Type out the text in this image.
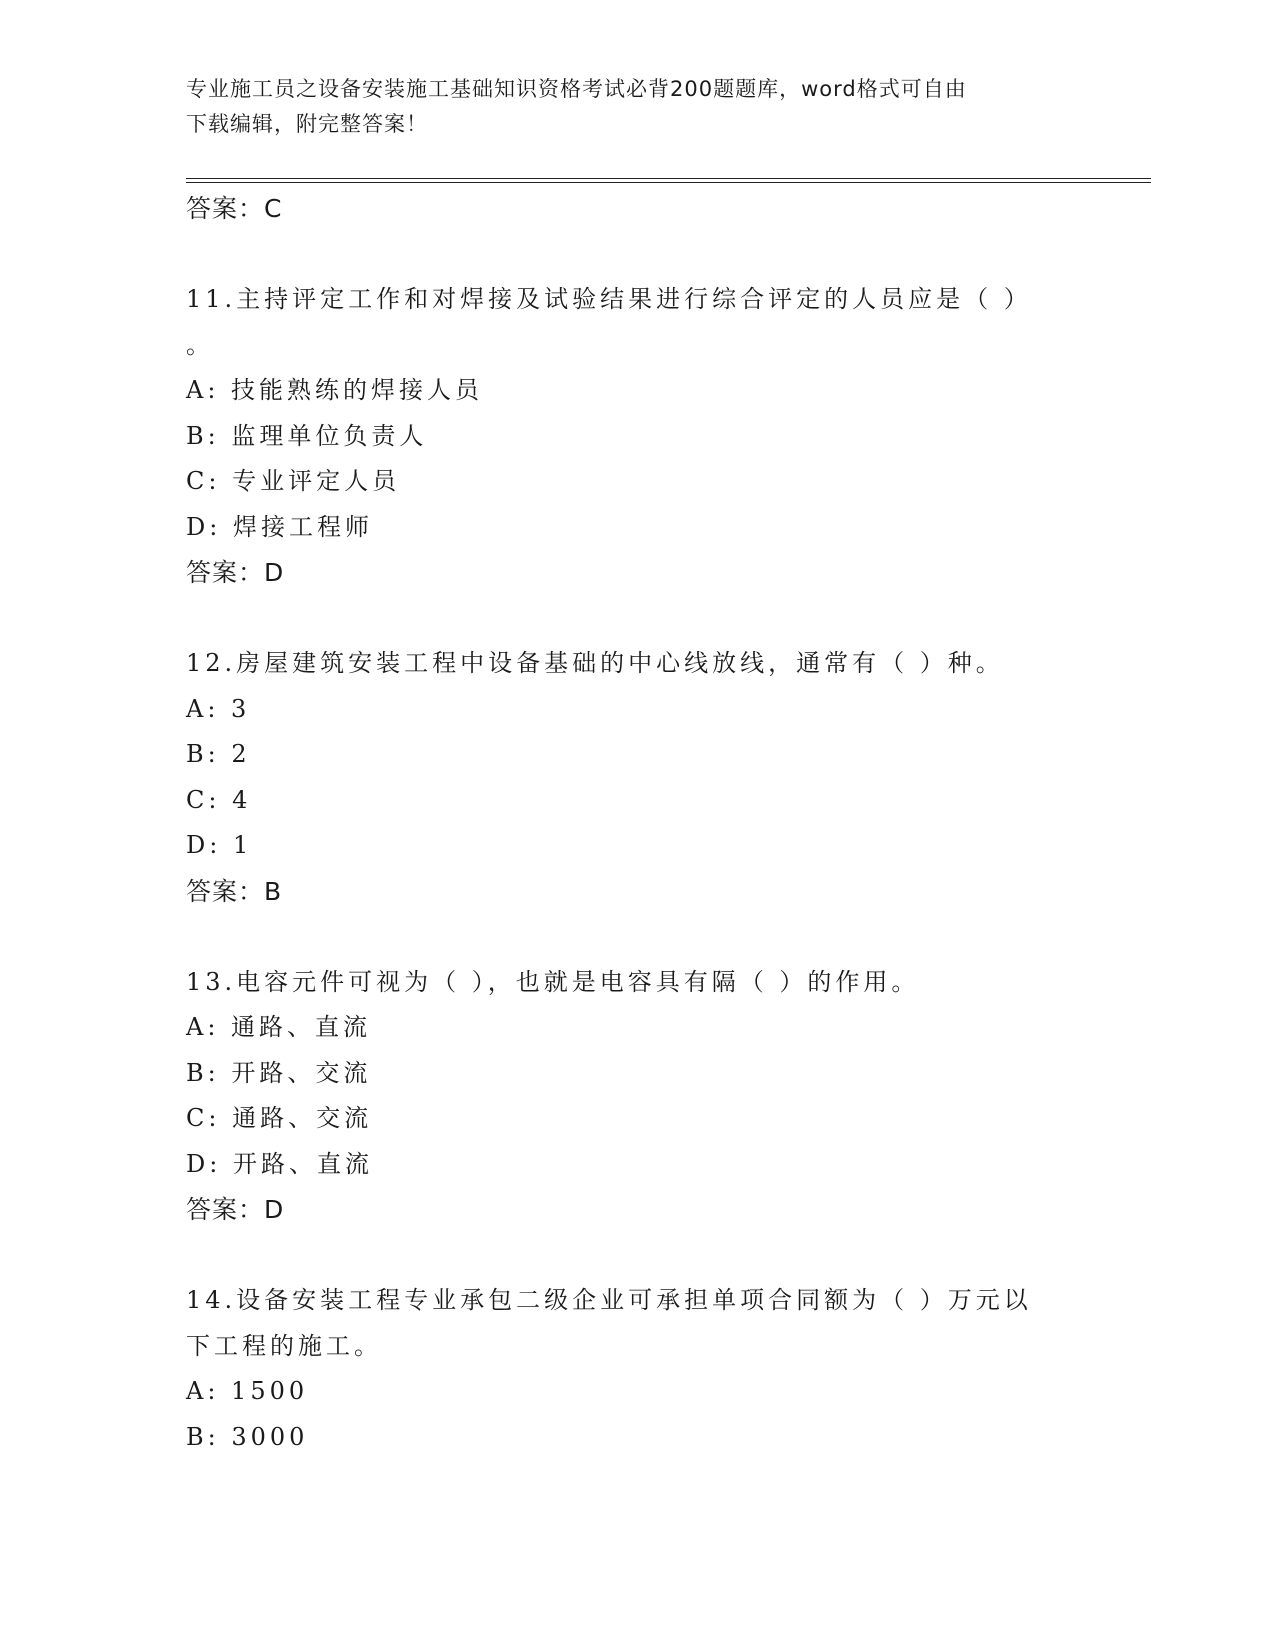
专业施工员之设备安装施工基础知识资格考试必背200题题库，word格式可自由
下载编辑，附完整答案！
答案：C
11.主持评定工作和对焊接及试验结果进行综合评定的人员应是（ ）
。
A: 技能熟练的焊接人员
B: 监理单位负责人
C: 专业评定人员
D: 焊接工程师
答案：D
12.房屋建筑安装工程中设备基础的中心线放线，通常有（ ）种。
A: 3
B: 2
C: 4
D: 1
答案：B
13.电容元件可视为（ ），也就是电容具有隔（ ）的作用。
A: 通路、直流
B: 开路、交流
C: 通路、交流
D: 开路、直流
答案：D
14.设备安装工程专业承包二级企业可承担单项合同额为（ ）万元以
下工程的施工。
A: 1500
B: 3000
